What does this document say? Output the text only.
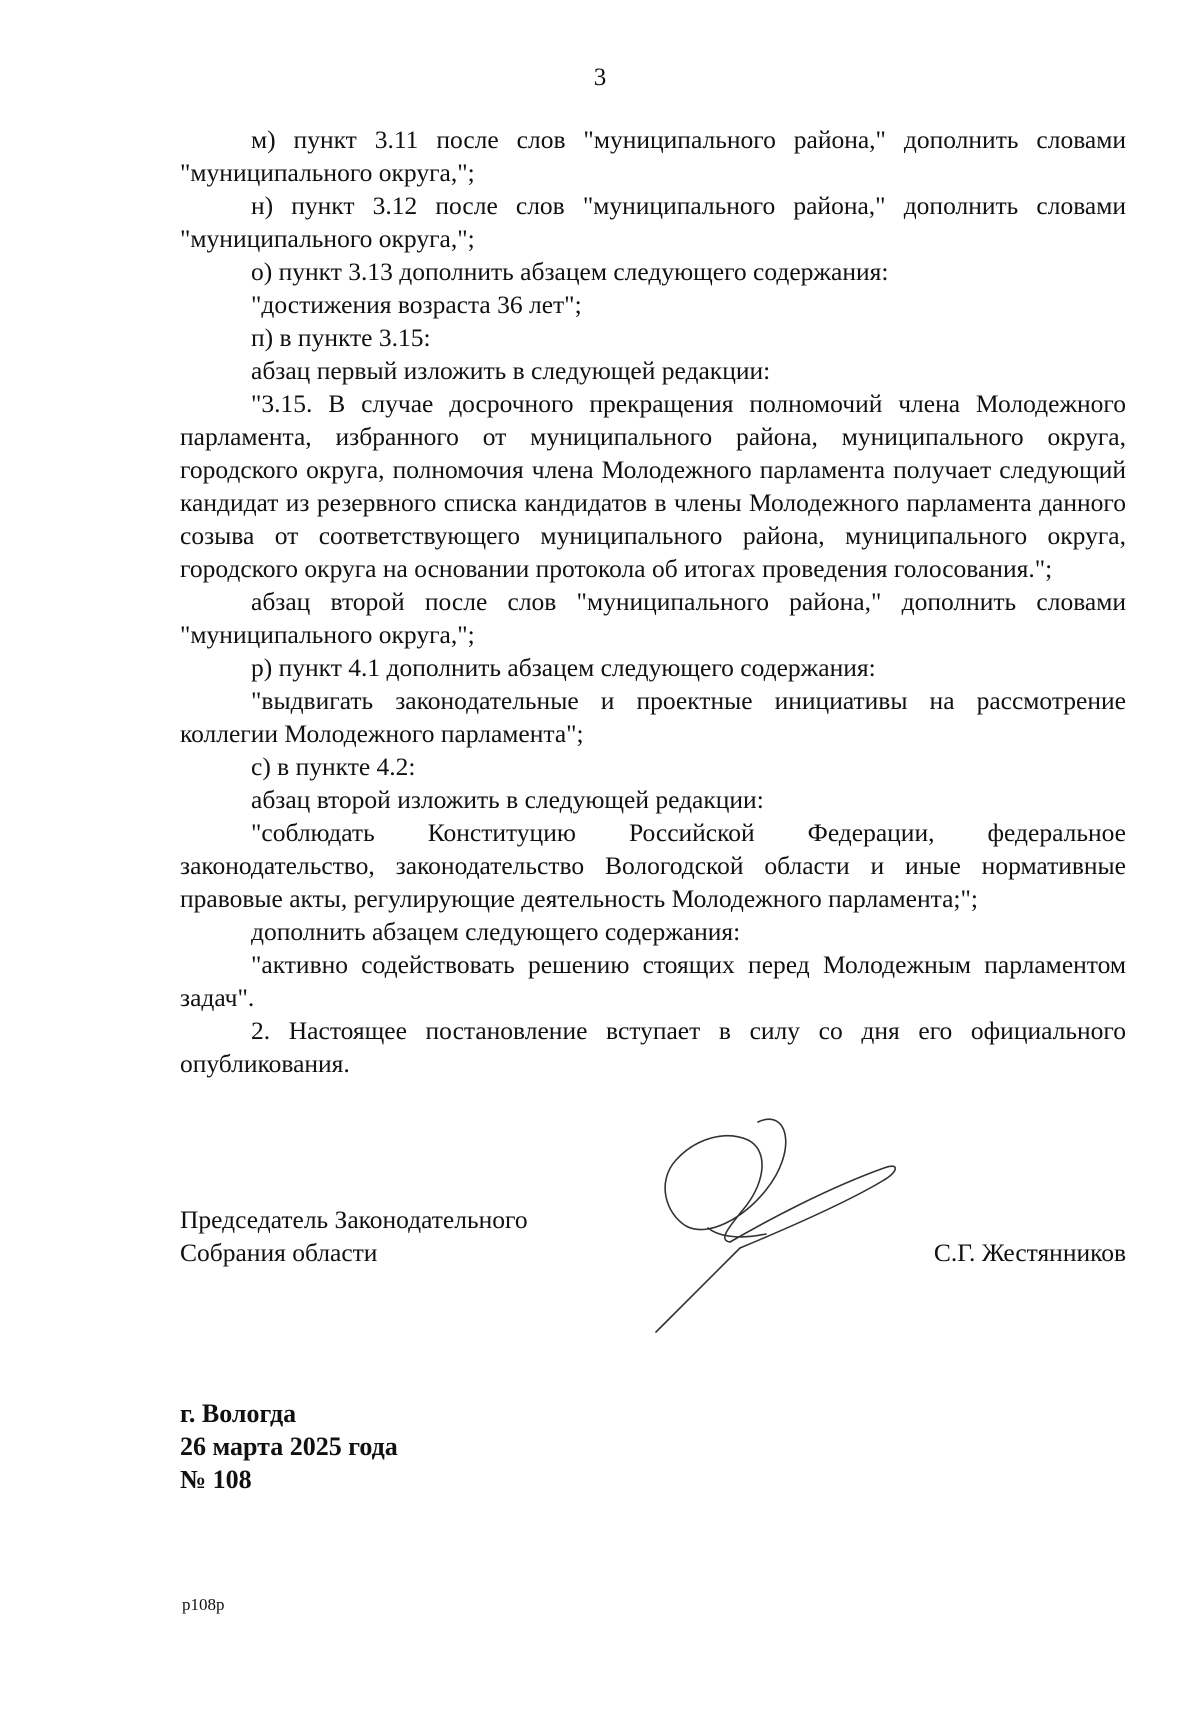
3

м) пункт 3.11 после слов "муниципального района," дополнить словами "муниципального округа,";

н) пункт 3.12 после слов "муниципального района," дополнить словами "муниципального округа,";

о) пункт 3.13 дополнить абзацем следующего содержания:

"достижения возраста 36 лет";

п) в пункте 3.15:

абзац первый изложить в следующей редакции:

"3.15. В случае досрочного прекращения полномочий члена Молодежного парламента, избранного от муниципального района, муниципального округа, городского округа, полномочия члена Молодежного парламента получает следующий кандидат из резервного списка кандидатов в члены Молодежного парламента данного созыва от соответствующего муниципального района, муниципального округа, городского округа на основании протокола об итогах проведения голосования.";

абзац второй после слов "муниципального района," дополнить словами "муниципального округа,";

р) пункт 4.1 дополнить абзацем следующего содержания:

"выдвигать законодательные и проектные инициативы на рассмотрение коллегии Молодежного парламента";

с) в пункте 4.2:

абзац второй изложить в следующей редакции:

"соблюдать Конституцию Российской Федерации, федеральное законодательство, законодательство Вологодской области и иные нормативные правовые акты, регулирующие деятельность Молодежного парламента;";

дополнить абзацем следующего содержания:

"активно содействовать решению стоящих перед Молодежным парламентом задач".

2. Настоящее постановление вступает в силу со дня его официального опубликования.

Председатель Законодательного
Собрания области	С.Г. Жестянников
г. Вологда
26 марта 2025 года
№ 108
p108p
